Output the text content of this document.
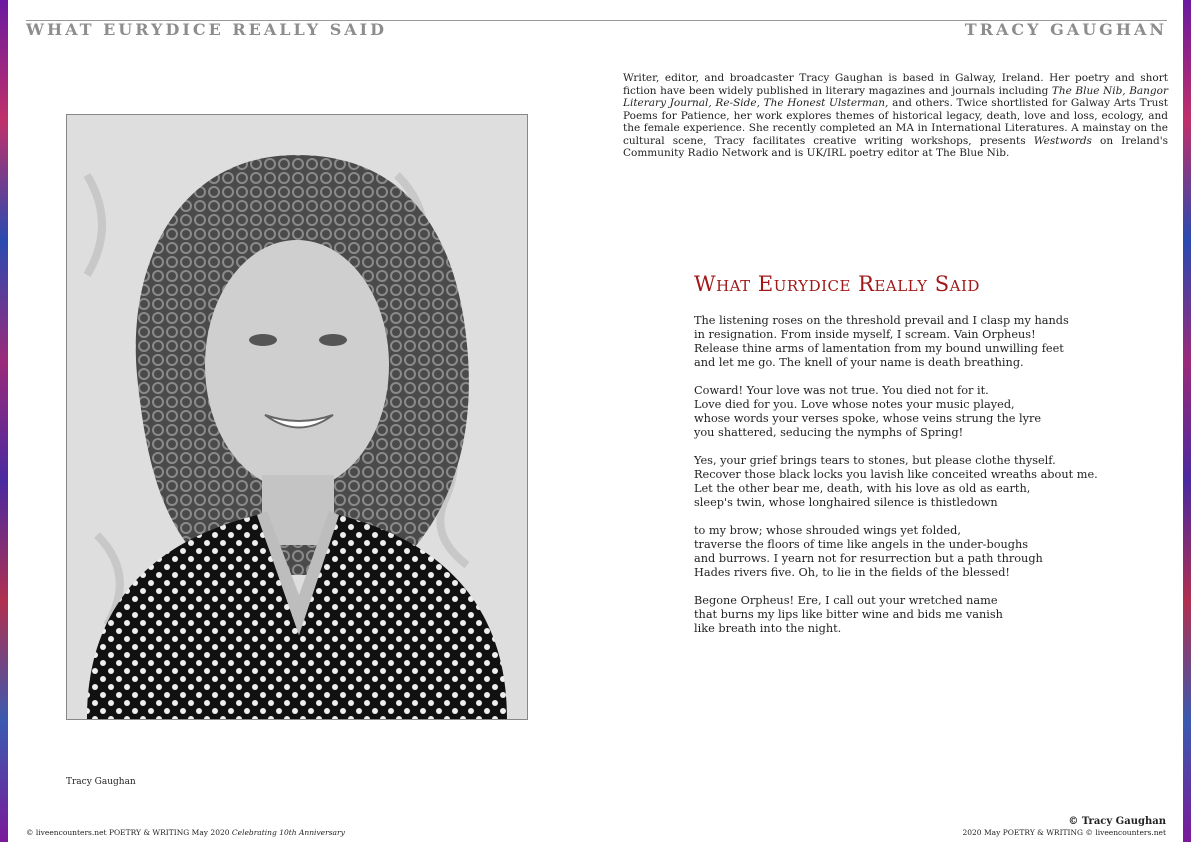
WHAT EURYDICE REALLY SAID	TRACY GAUGHAN
Tracy Gaughan
Writer, editor, and broadcaster Tracy Gaughan is based in Galway, Ireland. Her poetry and short fiction have been widely published in literary magazines and journals including The Blue Nib, Bangor Literary Journal, Re-Side, The Honest Ulsterman, and others. Twice shortlisted for Galway Arts Trust Poems for Patience, her work explores themes of historical legacy, death, love and loss, ecology, and the female experience. She recently completed an MA in International Literatures. A mainstay on the cultural scene, Tracy facilitates creative writing workshops, presents Westwords on Ireland's Community Radio Network and is UK/IRL poetry editor at The Blue Nib.
What Eurydice Really Said
The listening roses on the threshold prevail and I clasp my hands
in resignation. From inside myself, I scream. Vain Orpheus!
Release thine arms of lamentation from my bound unwilling feet
and let me go. The knell of your name is death breathing.
Coward! Your love was not true. You died not for it.
Love died for you. Love whose notes your music played,
whose words your verses spoke, whose veins strung the lyre
you shattered, seducing the nymphs of Spring!
Yes, your grief brings tears to stones, but please clothe thyself.
Recover those black locks you lavish like conceited wreaths about me.
Let the other bear me, death, with his love as old as earth,
sleep's twin, whose longhaired silence is thistledown
to my brow; whose shrouded wings yet folded,
traverse the floors of time like angels in the under-boughs
and burrows. I yearn not for resurrection but a path through
Hades rivers five. Oh, to lie in the fields of the blessed!
Begone Orpheus! Ere, I call out your wretched name
that burns my lips like bitter wine and bids me vanish
like breath into the night.
© Tracy Gaughan
© liveencounters.net POETRY & WRITING May 2020 Celebrating 10th Anniversary	2020 May POETRY & WRITING © liveencounters.net
